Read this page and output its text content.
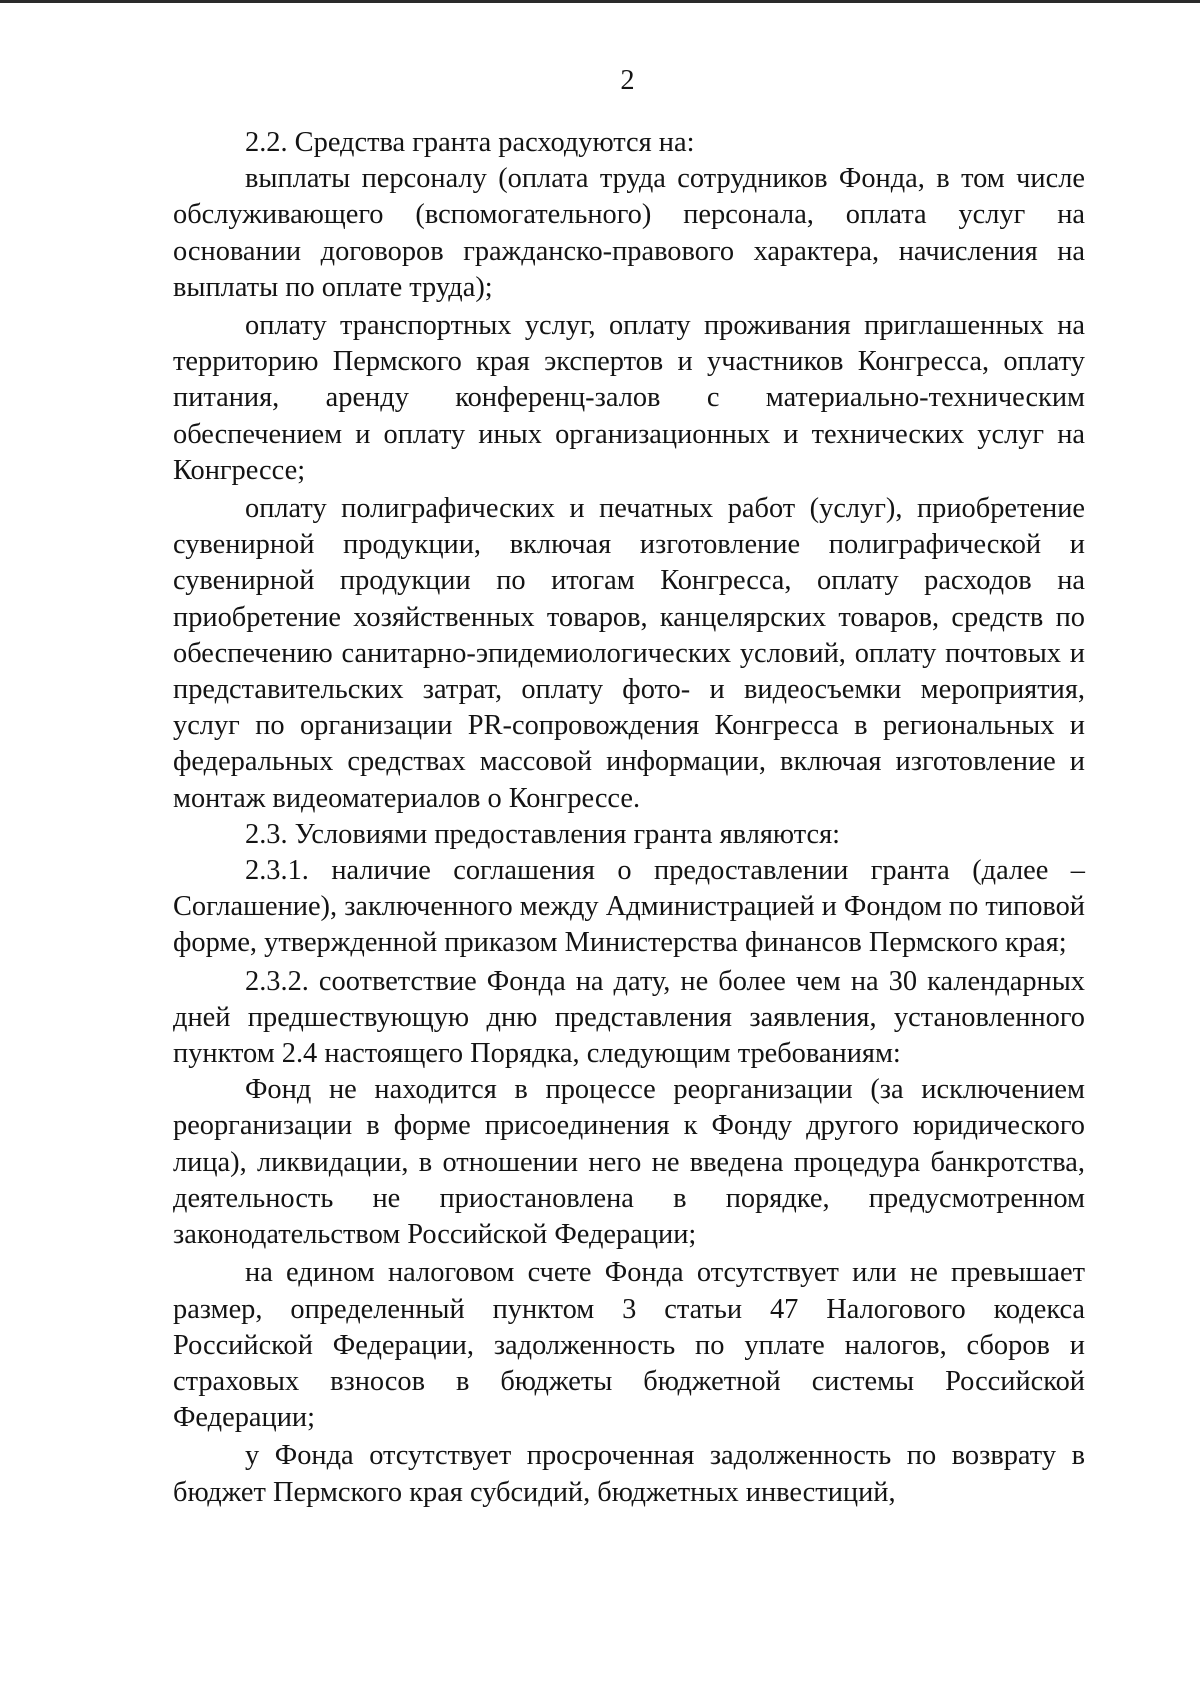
2

2.2. Средства гранта расходуются на:

выплаты персоналу (оплата труда сотрудников Фонда, в том числе обслуживающего (вспомогательного) персонала, оплата услуг на основании договоров гражданско-правового характера, начисления на выплаты по оплате труда);

оплату транспортных услуг, оплату проживания приглашенных на территорию Пермского края экспертов и участников Конгресса, оплату питания, аренду конференц-залов с материально-техническим обеспечением и оплату иных организационных и технических услуг на Конгрессе;

оплату полиграфических и печатных работ (услуг), приобретение сувенирной продукции, включая изготовление полиграфической и сувенирной продукции по итогам Конгресса, оплату расходов на приобретение хозяйственных товаров, канцелярских товаров, средств по обеспечению санитарно-эпидемиологических условий, оплату почтовых и представительских затрат, оплату фото- и видеосъемки мероприятия, услуг по организации PR-сопровождения Конгресса в региональных и федеральных средствах массовой информации, включая изготовление и монтаж видеоматериалов о Конгрессе.

2.3. Условиями предоставления гранта являются:

2.3.1. наличие соглашения о предоставлении гранта (далее – Соглашение), заключенного между Администрацией и Фондом по типовой форме, утвержденной приказом Министерства финансов Пермского края;

2.3.2. соответствие Фонда на дату, не более чем на 30 календарных дней предшествующую дню представления заявления, установленного пунктом 2.4 настоящего Порядка, следующим требованиям:

Фонд не находится в процессе реорганизации (за исключением реорганизации в форме присоединения к Фонду другого юридического лица), ликвидации, в отношении него не введена процедура банкротства, деятельность не приостановлена в порядке, предусмотренном законодательством Российской Федерации;

на едином налоговом счете Фонда отсутствует или не превышает размер, определенный пунктом 3 статьи 47 Налогового кодекса Российской Федерации, задолженность по уплате налогов, сборов и страховых взносов в бюджеты бюджетной системы Российской Федерации;

у Фонда отсутствует просроченная задолженность по возврату в бюджет Пермского края субсидий, бюджетных инвестиций,
